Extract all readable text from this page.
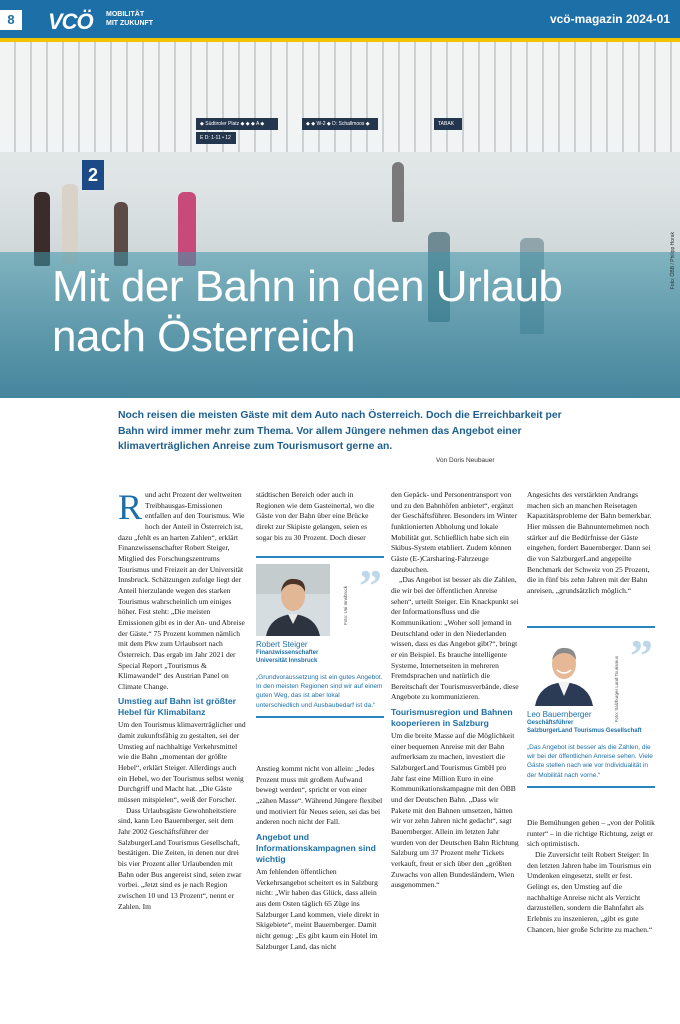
8	VCÖ MOBILITÄT
MIT ZUKUNFT	vcö-magazin 2024-01
◆ Südtiroler Platz ◆ ◆ ◆ A ◆
E D: 1-11 • 12
◆ ◆ W-2 ◆ D: Schallmoos ◆	TABAK
2
Foto: ÖBB / Philipp Horak
Mit der Bahn in den Urlaub
nach Österreich

Noch reisen die meisten Gäste mit dem Auto nach Österreich. Doch die Erreichbarkeit per Bahn wird immer mehr zum Thema. Vor allem Jüngere nehmen das Angebot einer klimaverträglichen Anreise zum Tourismusort gerne an.

Von Doris Neubauer
R und acht Prozent der weltweiten Treibhausgas-Emissionen entfallen auf den Tourismus. Wie hoch der Anteil in Österreich ist, dazu „fehlt es an harten Zahlen“, erklärt Finanzwissenschafter Robert Steiger, Mitglied des Forschungszentrums Tourismus und Freizeit an der Universität Innsbruck. Schätzungen zufolge liegt der Anteil hierzulande wegen des starken Tourismus wahrscheinlich um einiges höher. Fest steht: „Die meisten Emissionen gibt es in der An- und Abreise der Gäste.“ 75 Prozent kommen nämlich mit dem Pkw zum Urlaubsort nach Österreich. Das ergab im Jahr 2021 der Special Report „Tourismus & Klimawandel“ des Austrian Panel on Climate Change.

Umstieg auf Bahn ist größter Hebel für Klimabilanz

Um den Tourismus klimaverträglicher und damit zukunftsfähig zu gestalten, sei der Umstieg auf nachhaltige Verkehrsmittel wie die Bahn „momentan der größte Hebel“, erklärt Steiger. Allerdings auch ein Hebel, wo der Tourismus selbst wenig Durchgriff und Macht hat. „Die Gäste müssen mitspielen“, weiß der Forscher.

Dass Urlaubsgäste Gewohnheitstiere sind, kann Leo Bauernberger, seit dem Jahr 2002 Geschäftsführer der SalzburgerLand Tourismus Gesellschaft, bestätigen. Die Zeiten, in denen nur drei bis vier Prozent aller Urlaubenden mit Bahn oder Bus angereist sind, seien zwar vorbei. „Jetzt sind es je nach Region zwischen 10 und 13 Prozent“, nennt er Zahlen. Im

städtischen Bereich oder auch in Regionen wie dem Gasteinertal, wo die Gäste von der Bahn über eine Brücke direkt zur Skipiste gelangen, seien es sogar bis zu 30 Prozent. Doch dieser

”
Foto: Uni Innsbruck
Robert Steiger
Finanzwissenschafter
Universität Innsbruck
„Grundvoraussetzung ist ein gutes Angebot. In den meisten Regionen sind wir auf einem guten Weg, das ist aber lokal unterschiedlich und Ausbaubedarf ist da.“

Anstieg kommt nicht von allein: „Jedes Prozent muss mit großem Aufwand bewegt werden“, spricht er von einer „zähen Masse“. Während Jüngere flexibel und motiviert für Neues seien, sei das bei anderen noch nicht der Fall.

Angebot und Informationskampagnen sind wichtig

Am fehlenden öffentlichen Verkehrsangebot scheitert es in Salzburg nicht: „Wir haben das Glück, dass allein aus dem Osten täglich 65 Züge ins Salzburger Land kommen, viele direkt in Skigebiete“, meint Bauernberger. Damit nicht genug: „Es gibt kaum ein Hotel im Salzburger Land, das nicht

den Gepäck- und Personentransport von und zu den Bahnhöfen anbietet“, ergänzt der Geschäftsführer. Besonders im Winter funktionierten Abholung und lokale Mobilität gut. Schließlich habe sich ein Skibus-System etabliert. Zudem können Gäste (E-)Carsharing-Fahrzeuge dazubuchen.

„Das Angebot ist besser als die Zahlen, die wir bei der öffentlichen Anreise sehen“, urteilt Steiger. Ein Knackpunkt sei der Informationsfluss und die Kommunikation: „Woher soll jemand in Deutschland oder in den Niederlanden wissen, dass es das Angebot gibt?“, bringt er ein Beispiel. Es brauche intelligente Systeme, Internetseiten in mehreren Fremdsprachen und natürlich die Bereitschaft der Tourismusverbände, diese Angebote zu kommunizieren.

Tourismusregion und Bahnen kooperieren in Salzburg

Um die breite Masse auf die Möglichkeit einer bequemen Anreise mit der Bahn aufmerksam zu machen, investiert die SalzburgerLand Tourismus GmbH pro Jahr fast eine Million Euro in eine Kommunikationskampagne mit den ÖBB und der Deutschen Bahn. „Dass wir Pakete mit den Bahnen umsetzen, hätten wir vor zehn Jahren nicht gedacht“, sagt Bauernberger. Allein im letzten Jahr wurden von der Deutschen Bahn Richtung Salzburg um 37 Prozent mehr Tickets verkauft, freut er sich über den „größten Zuwachs von allen Bundesländern, Wien ausgenommen.“

Angesichts des verstärkten Andrangs machen sich an manchen Reisetagen Kapazitätsprobleme der Bahn bemerkbar. Hier müssen die Bahnunternehmen noch stärker auf die Bedürfnisse der Gäste eingehen, fordert Bauernberger. Dann sei die von SalzburgerLand angepeilte Benchmark der Schweiz von 25 Prozent, die in fünf bis zehn Jahren mit der Bahn anreisen, „grundsätzlich möglich.“

”
Foto: Salzburger Land Tourismus
Leo Bauernberger
Geschäftsführer
SalzburgerLand Tourismus Gesellschaft
„Das Angebot ist besser als die Zahlen, die wir bei der öffentlichen Anreise sehen. Viele Gäste stellen nach wie vor Individualität in der Mobilität nach vorne.“

Die Bemühungen gehen – „von der Politik runter“ – in die richtige Richtung, zeigt er sich optimistisch.

Die Zuversicht teilt Robert Steiger: In den letzten Jahren habe im Tourismus ein Umdenken eingesetzt, stellt er fest. Gelingt es, den Umstieg auf die nachhaltige Anreise nicht als Verzicht darzustellen, sondern die Bahnfahrt als Erlebnis zu inszenieren, „gibt es gute Chancen, hier große Schritte zu machen.“
